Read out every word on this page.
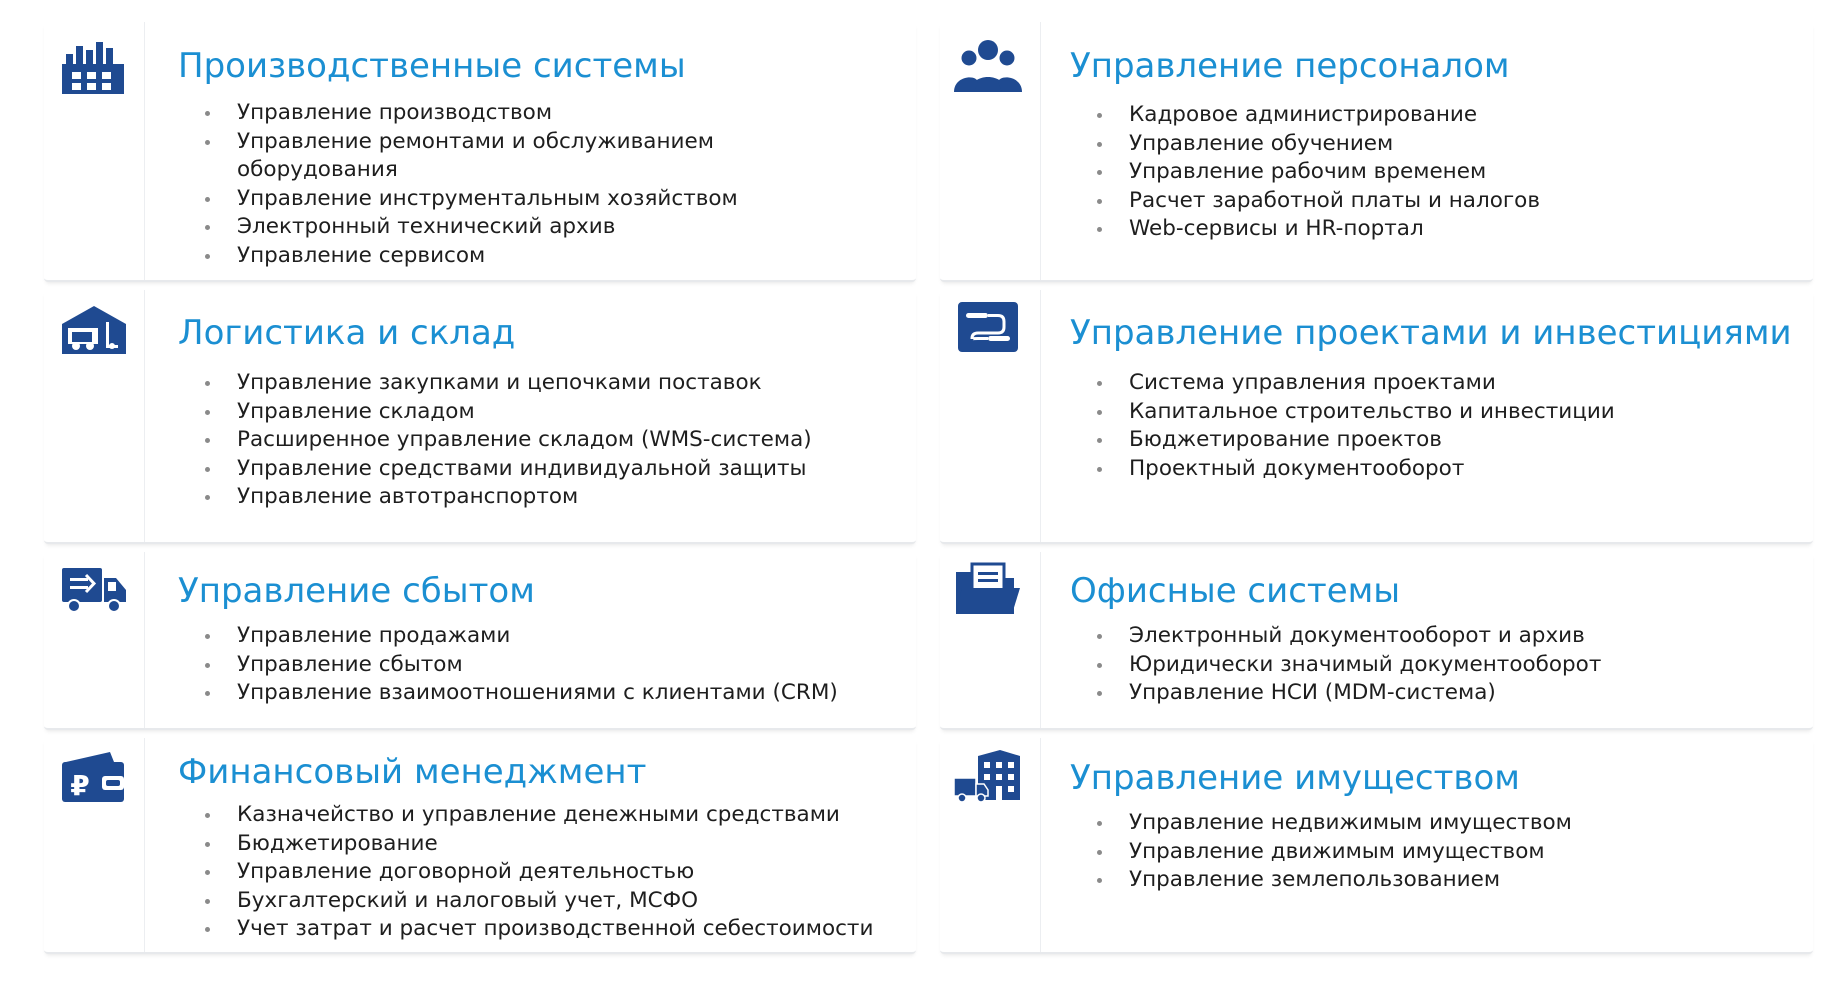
Производственные системы
Управление производством
Управление ремонтами и обслуживанием
оборудования
Управление инструментальным хозяйством
Электронный технический архив
Управление сервисом
Управление персоналом
Кадровое администрирование
Управление обучением
Управление рабочим временем
Расчет заработной платы и налогов
Web-сервисы и HR-портал
Логистика и склад
Управление закупками и цепочками поставок
Управление складом
Расширенное управление складом (WMS-система)
Управление средствами индивидуальной защиты
Управление автотранспортом
Управление проектами и инвестициями
Система управления проектами
Капитальное строительство и инвестиции
Бюджетирование проектов
Проектный документооборот
Управление сбытом
Управление продажами
Управление сбытом
Управление взаимоотношениями с клиентами (CRM)
Офисные системы
Электронный документооборот и архив
Юридически значимый документооборот
Управление НСИ (MDM-система)
₽	Финансовый менеджмент
Казначейство и управление денежными средствами
Бюджетирование
Управление договорной деятельностью
Бухгалтерский и налоговый учет, МСФО
Учет затрат и расчет производственной себестоимости
Управление имуществом
Управление недвижимым имуществом
Управление движимым имуществом
Управление землепользованием
